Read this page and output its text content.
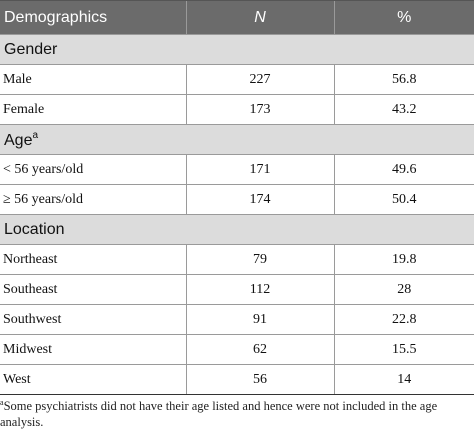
Demographics	N	%
Gender		
Male	227	56.8
Female	173	43.2
Age$^a$
< 56 years/old	171	49.6
≥ 56 years/old	174	50.4
Location		
Northeast	79	19.8
Southeast	112	28
Southwest	91	22.8
Midwest	62	15.5
West	56	14
$^a$Some psychiatrists did not have their age listed and hence were not included in the age analysis.
